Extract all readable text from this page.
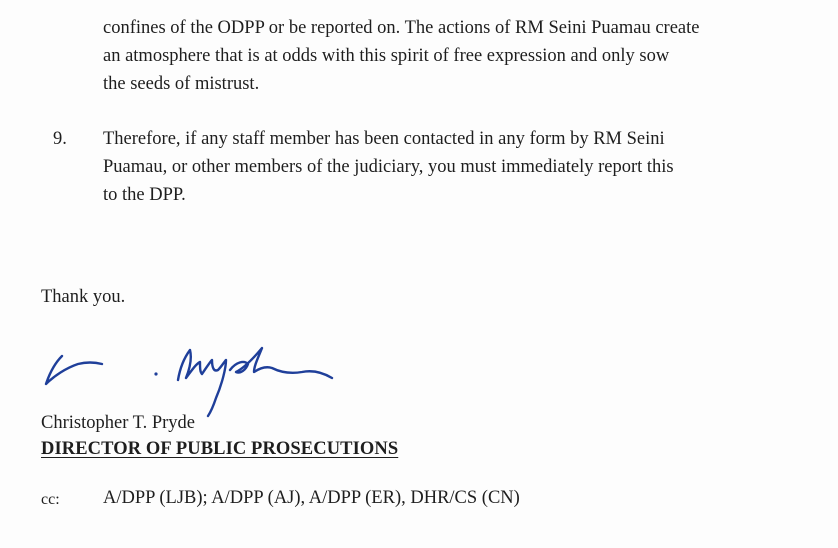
confines of the ODPP or be reported on. The actions of RM Seini Puamau create
an atmosphere that is at odds with this spirit of free expression and only sow
the seeds of mistrust.

9. Therefore, if any staff member has been contacted in any form by RM Seini
Puamau, or other members of the judiciary, you must immediately report this
to the DPP.

Thank you.
Christopher T. Pryde
DIRECTOR OF PUBLIC PROSECUTIONS
cc: A/DPP (LJB); A/DPP (AJ), A/DPP (ER), DHR/CS (CN)
